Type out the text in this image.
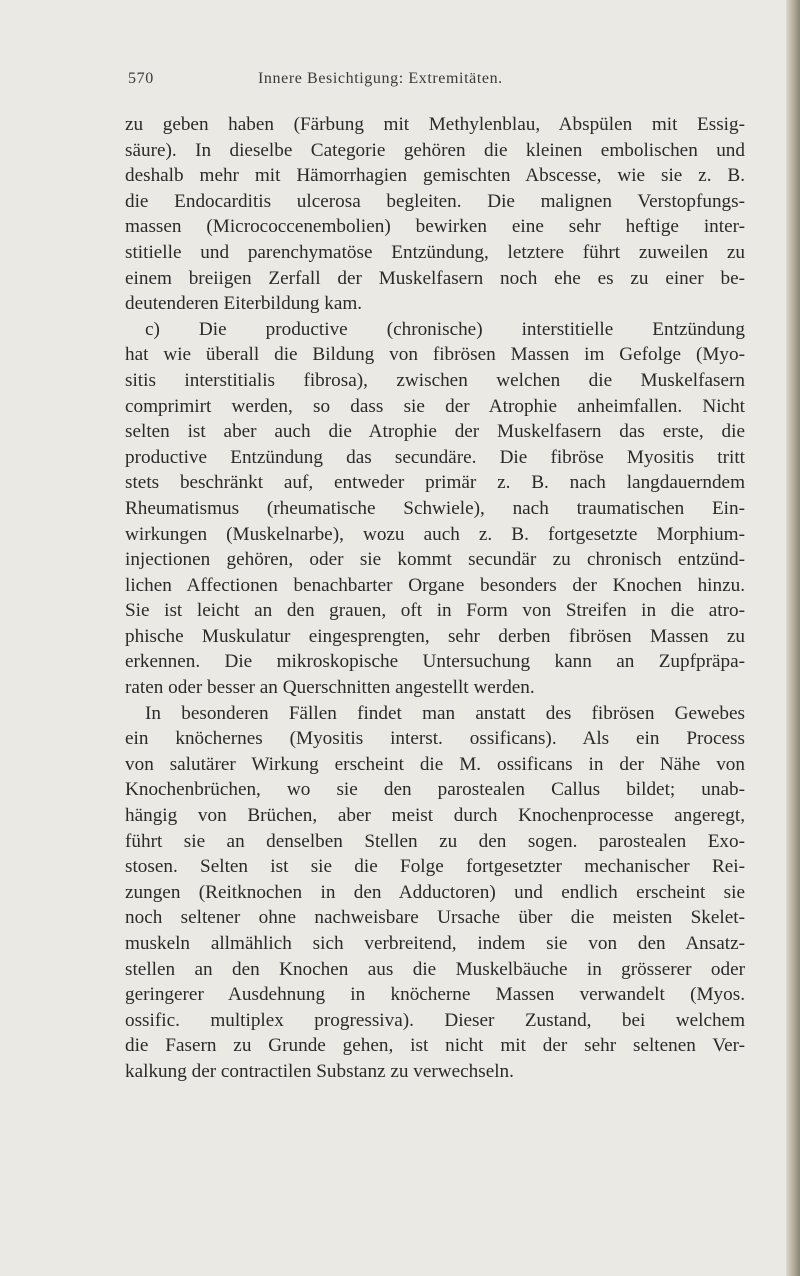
570	Innere Besichtigung: Extremitäten.
zu geben haben (Färbung mit Methylenblau, Abspülen mit Essig-
säure). In dieselbe Categorie gehören die kleinen embolischen und
deshalb mehr mit Hämorrhagien gemischten Abscesse, wie sie z. B.
die Endocarditis ulcerosa begleiten. Die malignen Verstopfungs-
massen (Micrococcenembolien) bewirken eine sehr heftige inter-
stitielle und parenchymatöse Entzündung, letztere führt zuweilen zu
einem breiigen Zerfall der Muskelfasern noch ehe es zu einer be-
deutenderen Eiterbildung kam.
c) Die productive (chronische) interstitielle Entzündung
hat wie überall die Bildung von fibrösen Massen im Gefolge (Myo-
sitis interstitialis fibrosa), zwischen welchen die Muskelfasern
comprimirt werden, so dass sie der Atrophie anheimfallen. Nicht
selten ist aber auch die Atrophie der Muskelfasern das erste, die
productive Entzündung das secundäre. Die fibröse Myositis tritt
stets beschränkt auf, entweder primär z. B. nach langdauerndem
Rheumatismus (rheumatische Schwiele), nach traumatischen Ein-
wirkungen (Muskelnarbe), wozu auch z. B. fortgesetzte Morphium-
injectionen gehören, oder sie kommt secundär zu chronisch entzünd-
lichen Affectionen benachbarter Organe besonders der Knochen hinzu.
Sie ist leicht an den grauen, oft in Form von Streifen in die atro-
phische Muskulatur eingesprengten, sehr derben fibrösen Massen zu
erkennen. Die mikroskopische Untersuchung kann an Zupfpräpa-
raten oder besser an Querschnitten angestellt werden.
In besonderen Fällen findet man anstatt des fibrösen Gewebes
ein knöchernes (Myositis interst. ossificans). Als ein Process
von salutärer Wirkung erscheint die M. ossificans in der Nähe von
Knochenbrüchen, wo sie den parostealen Callus bildet; unab-
hängig von Brüchen, aber meist durch Knochenprocesse angeregt,
führt sie an denselben Stellen zu den sogen. parostealen Exo-
stosen. Selten ist sie die Folge fortgesetzter mechanischer Rei-
zungen (Reitknochen in den Adductoren) und endlich erscheint sie
noch seltener ohne nachweisbare Ursache über die meisten Skelet-
muskeln allmählich sich verbreitend, indem sie von den Ansatz-
stellen an den Knochen aus die Muskelbäuche in grösserer oder
geringerer Ausdehnung in knöcherne Massen verwandelt (Myos.
ossific. multiplex progressiva). Dieser Zustand, bei welchem
die Fasern zu Grunde gehen, ist nicht mit der sehr seltenen Ver-
kalkung der contractilen Substanz zu verwechseln.
